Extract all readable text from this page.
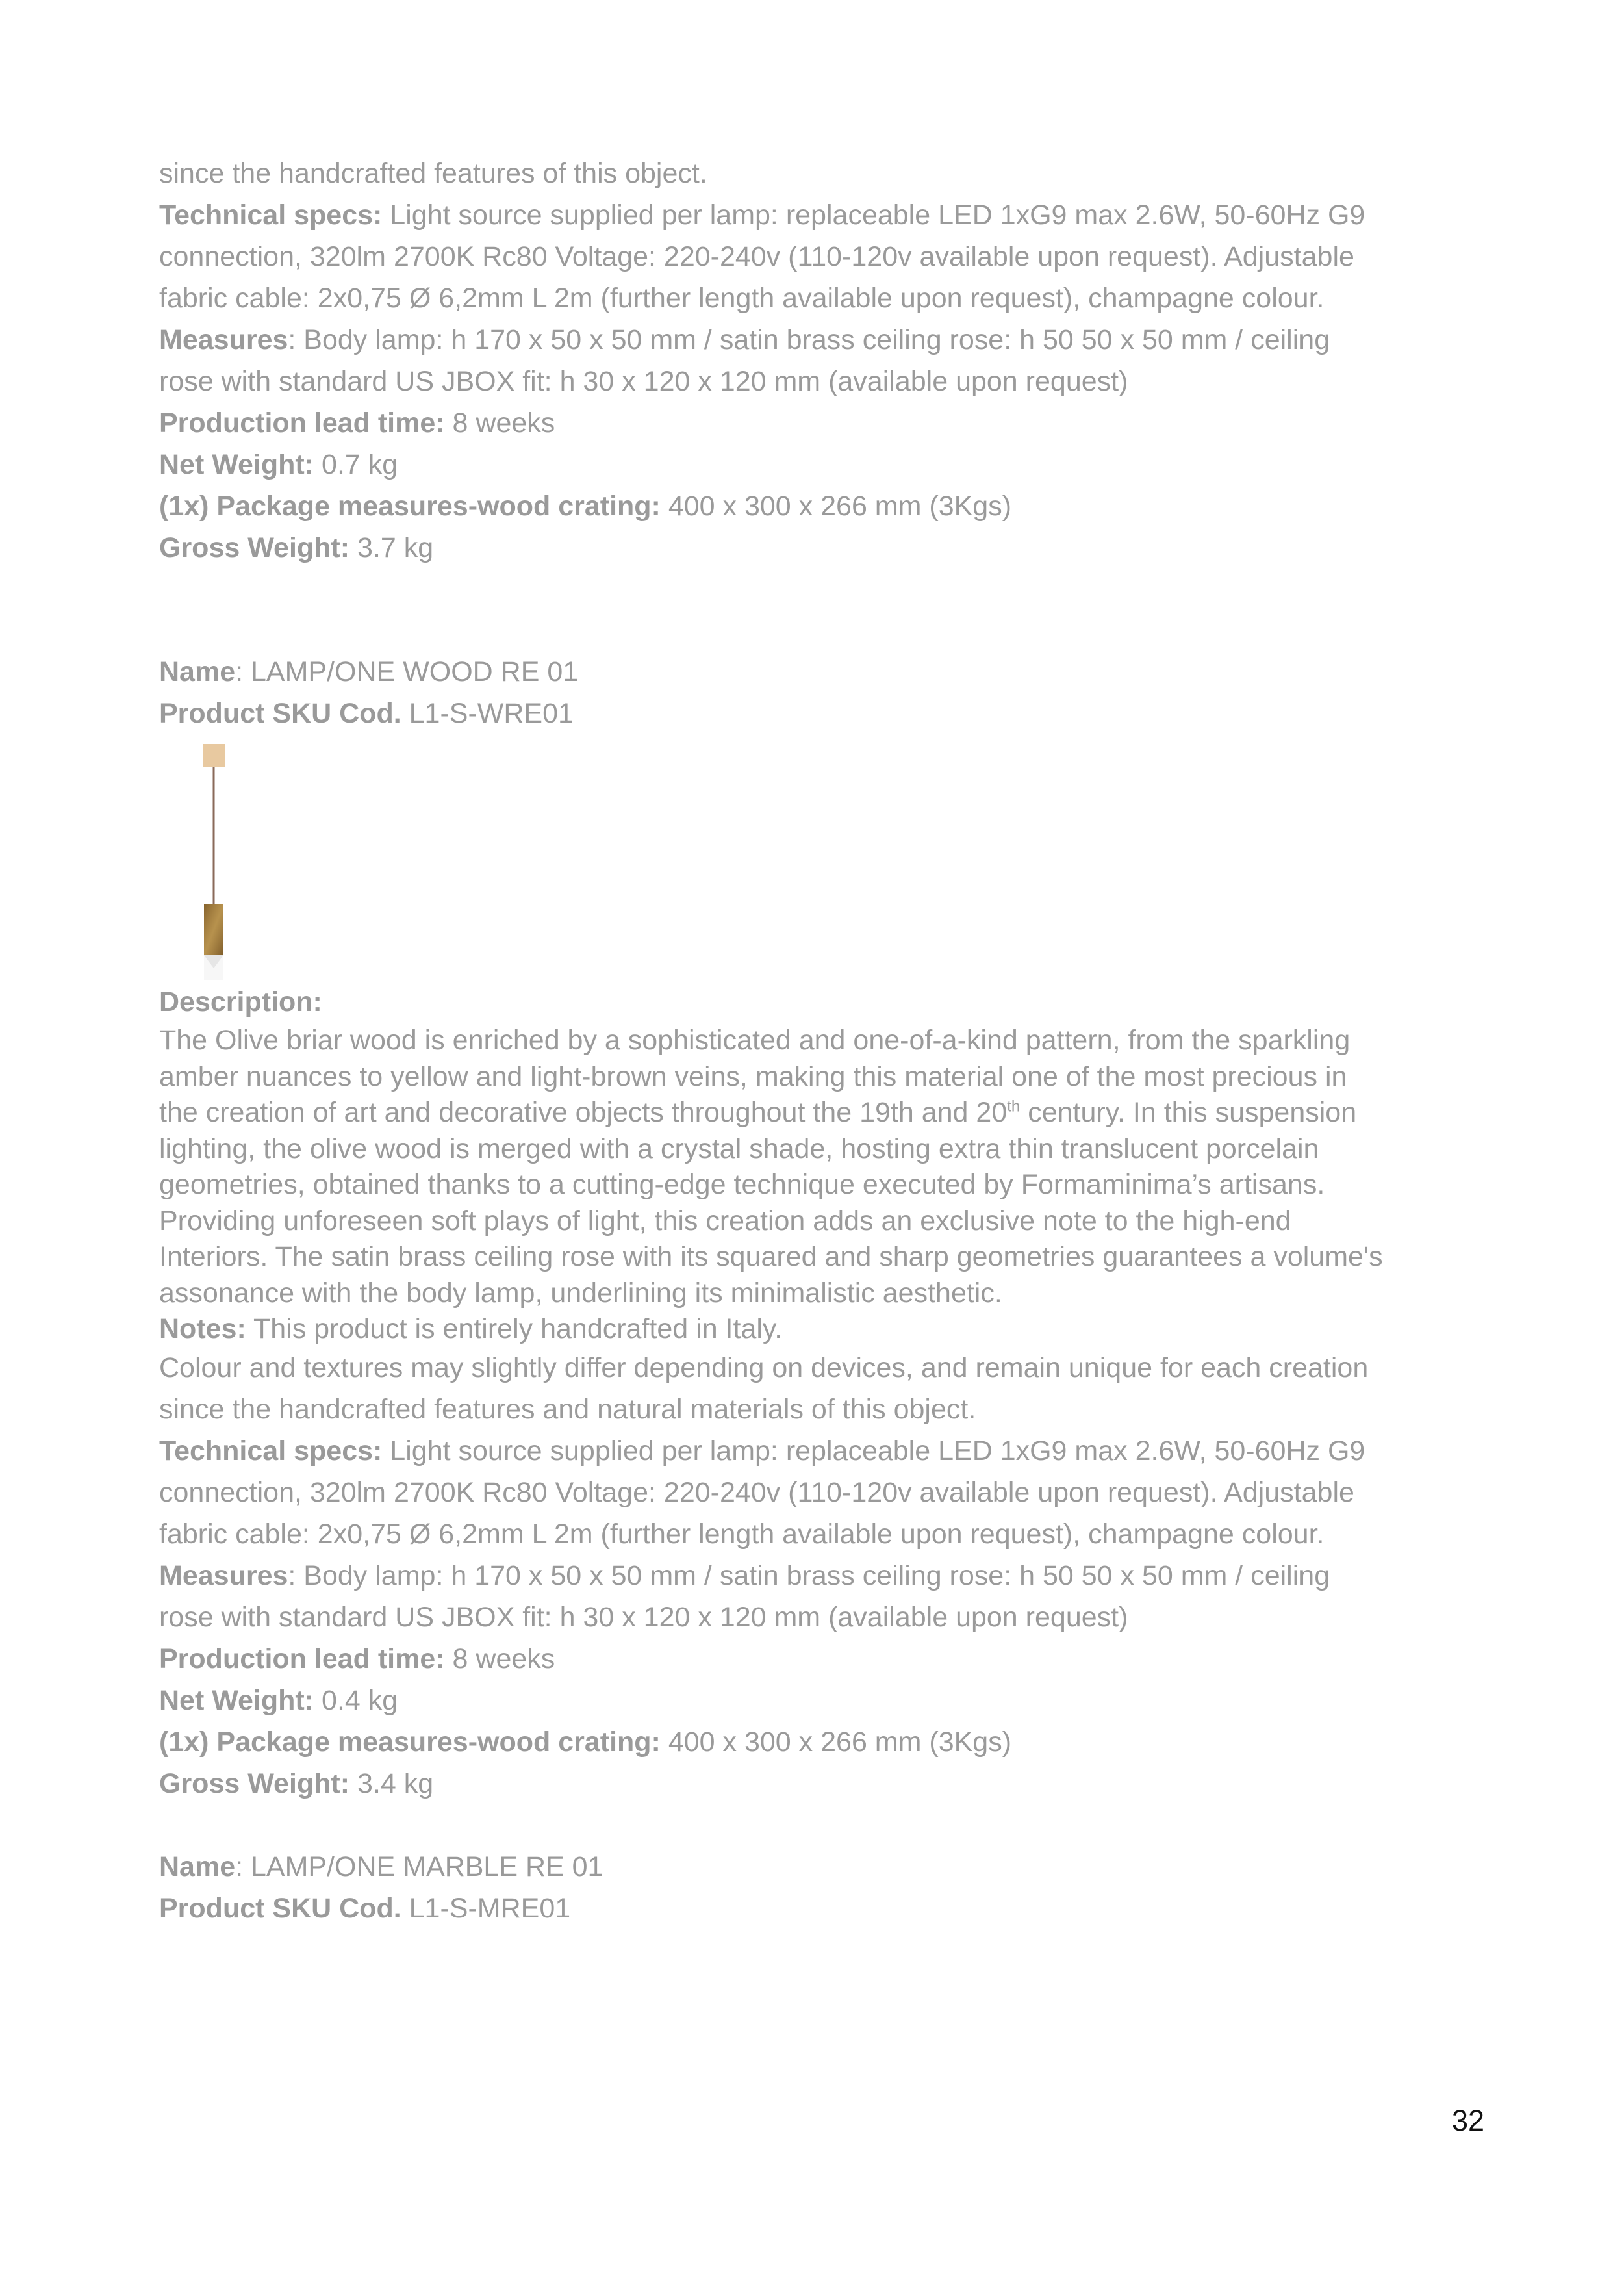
since the handcrafted features of this object.
Technical specs: Light source supplied per lamp: replaceable LED 1xG9 max 2.6W, 50-60Hz G9
connection, 320lm 2700K Rc80 Voltage: 220-240v (110-120v available upon request). Adjustable
fabric cable: 2x0,75 Ø 6,2mm L 2m (further length available upon request), champagne colour.
Measures: Body lamp: h 170 x 50 x 50 mm / satin brass ceiling rose: h 50 50 x 50 mm / ceiling
rose with standard US JBOX fit: h 30 x 120 x 120 mm (available upon request)
Production lead time: 8 weeks
Net Weight: 0.7 kg
(1x) Package measures-wood crating: 400 x 300 x 266 mm (3Kgs)
Gross Weight: 3.7 kg
Name: LAMP/ONE WOOD RE 01
Product SKU Cod. L1-S-WRE01
Description:
The Olive briar wood is enriched by a sophisticated and one-of-a-kind pattern, from the sparkling
amber nuances to yellow and light-brown veins, making this material one of the most precious in
the creation of art and decorative objects throughout the 19th and 20th century. In this suspension
lighting, the olive wood is merged with a crystal shade, hosting extra thin translucent porcelain
geometries, obtained thanks to a cutting-edge technique executed by Formaminima’s artisans.
Providing unforeseen soft plays of light, this creation adds an exclusive note to the high-end
Interiors. The satin brass ceiling rose with its squared and sharp geometries guarantees a volume's
assonance with the body lamp, underlining its minimalistic aesthetic.
Notes: This product is entirely handcrafted in Italy.
Colour and textures may slightly differ depending on devices, and remain unique for each creation
since the handcrafted features and natural materials of this object.
Technical specs: Light source supplied per lamp: replaceable LED 1xG9 max 2.6W, 50-60Hz G9
connection, 320lm 2700K Rc80 Voltage: 220-240v (110-120v available upon request). Adjustable
fabric cable: 2x0,75 Ø 6,2mm L 2m (further length available upon request), champagne colour.
Measures: Body lamp: h 170 x 50 x 50 mm / satin brass ceiling rose: h 50 50 x 50 mm / ceiling
rose with standard US JBOX fit: h 30 x 120 x 120 mm (available upon request)
Production lead time: 8 weeks
Net Weight: 0.4 kg
(1x) Package measures-wood crating: 400 x 300 x 266 mm (3Kgs)
Gross Weight: 3.4 kg
Name: LAMP/ONE MARBLE RE 01
Product SKU Cod. L1-S-MRE01
32
